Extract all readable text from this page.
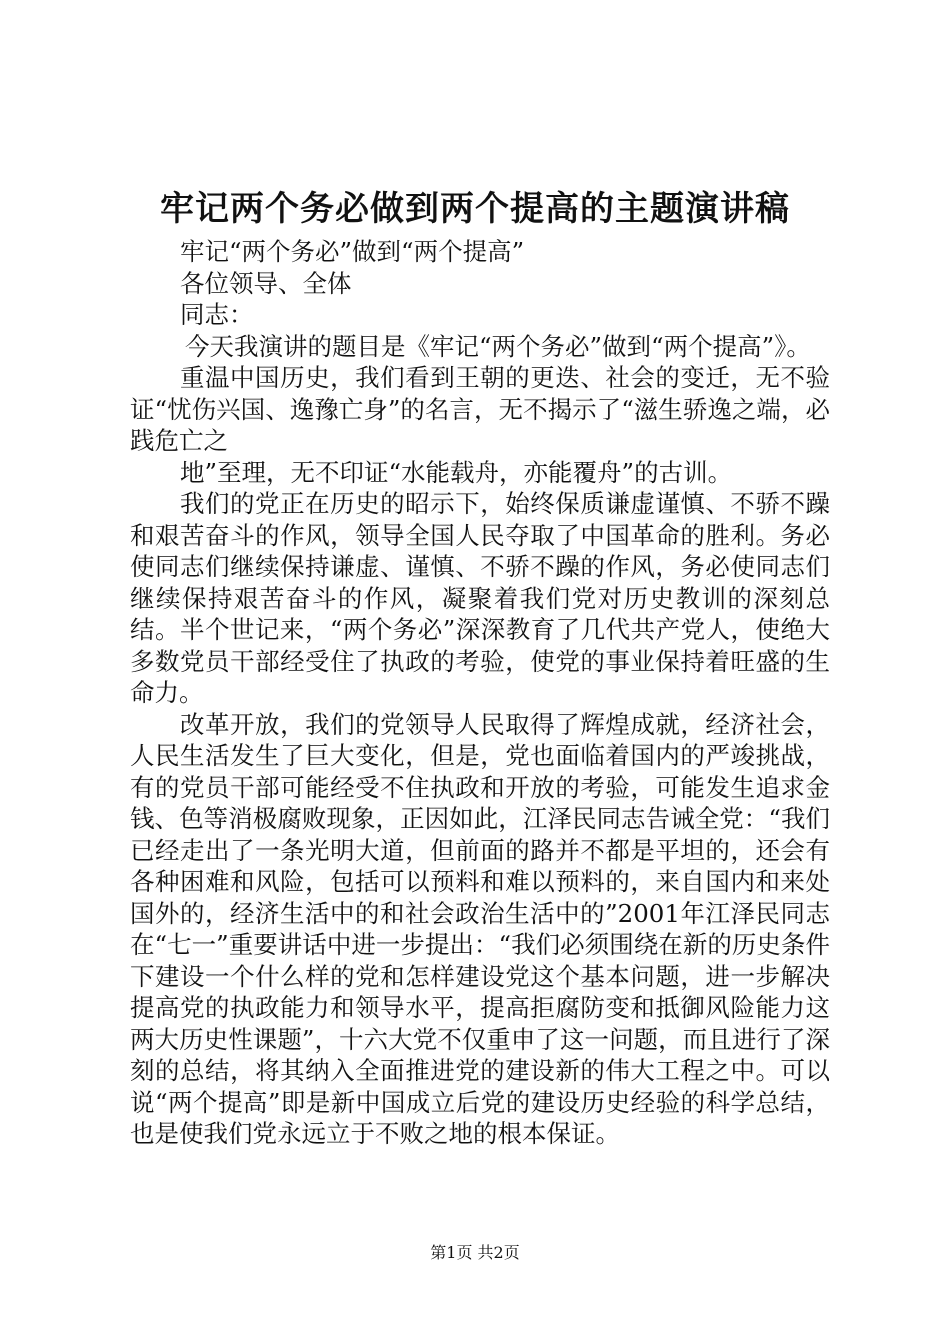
牢记两个务必做到两个提高的主题演讲稿

牢记“两个务必”做到“两个提高”

各位领导、全体

同志：

今天我演讲的题目是《牢记“两个务必”做到“两个提高”》。

重温中国历史，我们看到王朝的更迭、社会的变迁，无不验证“忧伤兴国、逸豫亡身”的名言，无不揭示了“滋生骄逸之端，必践危亡之

地”至理，无不印证“水能载舟，亦能覆舟”的古训。

我们的党正在历史的昭示下，始终保质谦虚谨慎、不骄不躁和艰苦奋斗的作风，领导全国人民夺取了中国革命的胜利。务必使同志们继续保持谦虚、谨慎、不骄不躁的作风，务必使同志们继续保持艰苦奋斗的作风，凝聚着我们党对历史教训的深刻总结。半个世记来，“两个务必”深深教育了几代共产党人，使绝大多数党员干部经受住了执政的考验，使党的事业保持着旺盛的生命力。

改革开放，我们的党领导人民取得了辉煌成就，经济社会，人民生活发生了巨大变化，但是，党也面临着国内的严竣挑战，有的党员干部可能经受不住执政和开放的考验，可能发生追求金钱、色等消极腐败现象，正因如此，江泽民同志告诫全党：“我们已经走出了一条光明大道，但前面的路并不都是平坦的，还会有各种困难和风险，包括可以预料和难以预料的，来自国内和来处国外的，经济生活中的和社会政治生活中的”2001年江泽民同志在“七一”重要讲话中进一步提出：“我们必须围绕在新的历史条件下建设一个什么样的党和怎样建设党这个基本问题，进一步解决提高党的执政能力和领导水平，提高拒腐防变和抵御风险能力这两大历史性课题”，十六大党不仅重申了这一问题，而且进行了深刻的总结，将其纳入全面推进党的建设新的伟大工程之中。可以说“两个提高”即是新中国成立后党的建设历史经验的科学总结，也是使我们党永远立于不败之地的根本保证。

第1页 共2页
